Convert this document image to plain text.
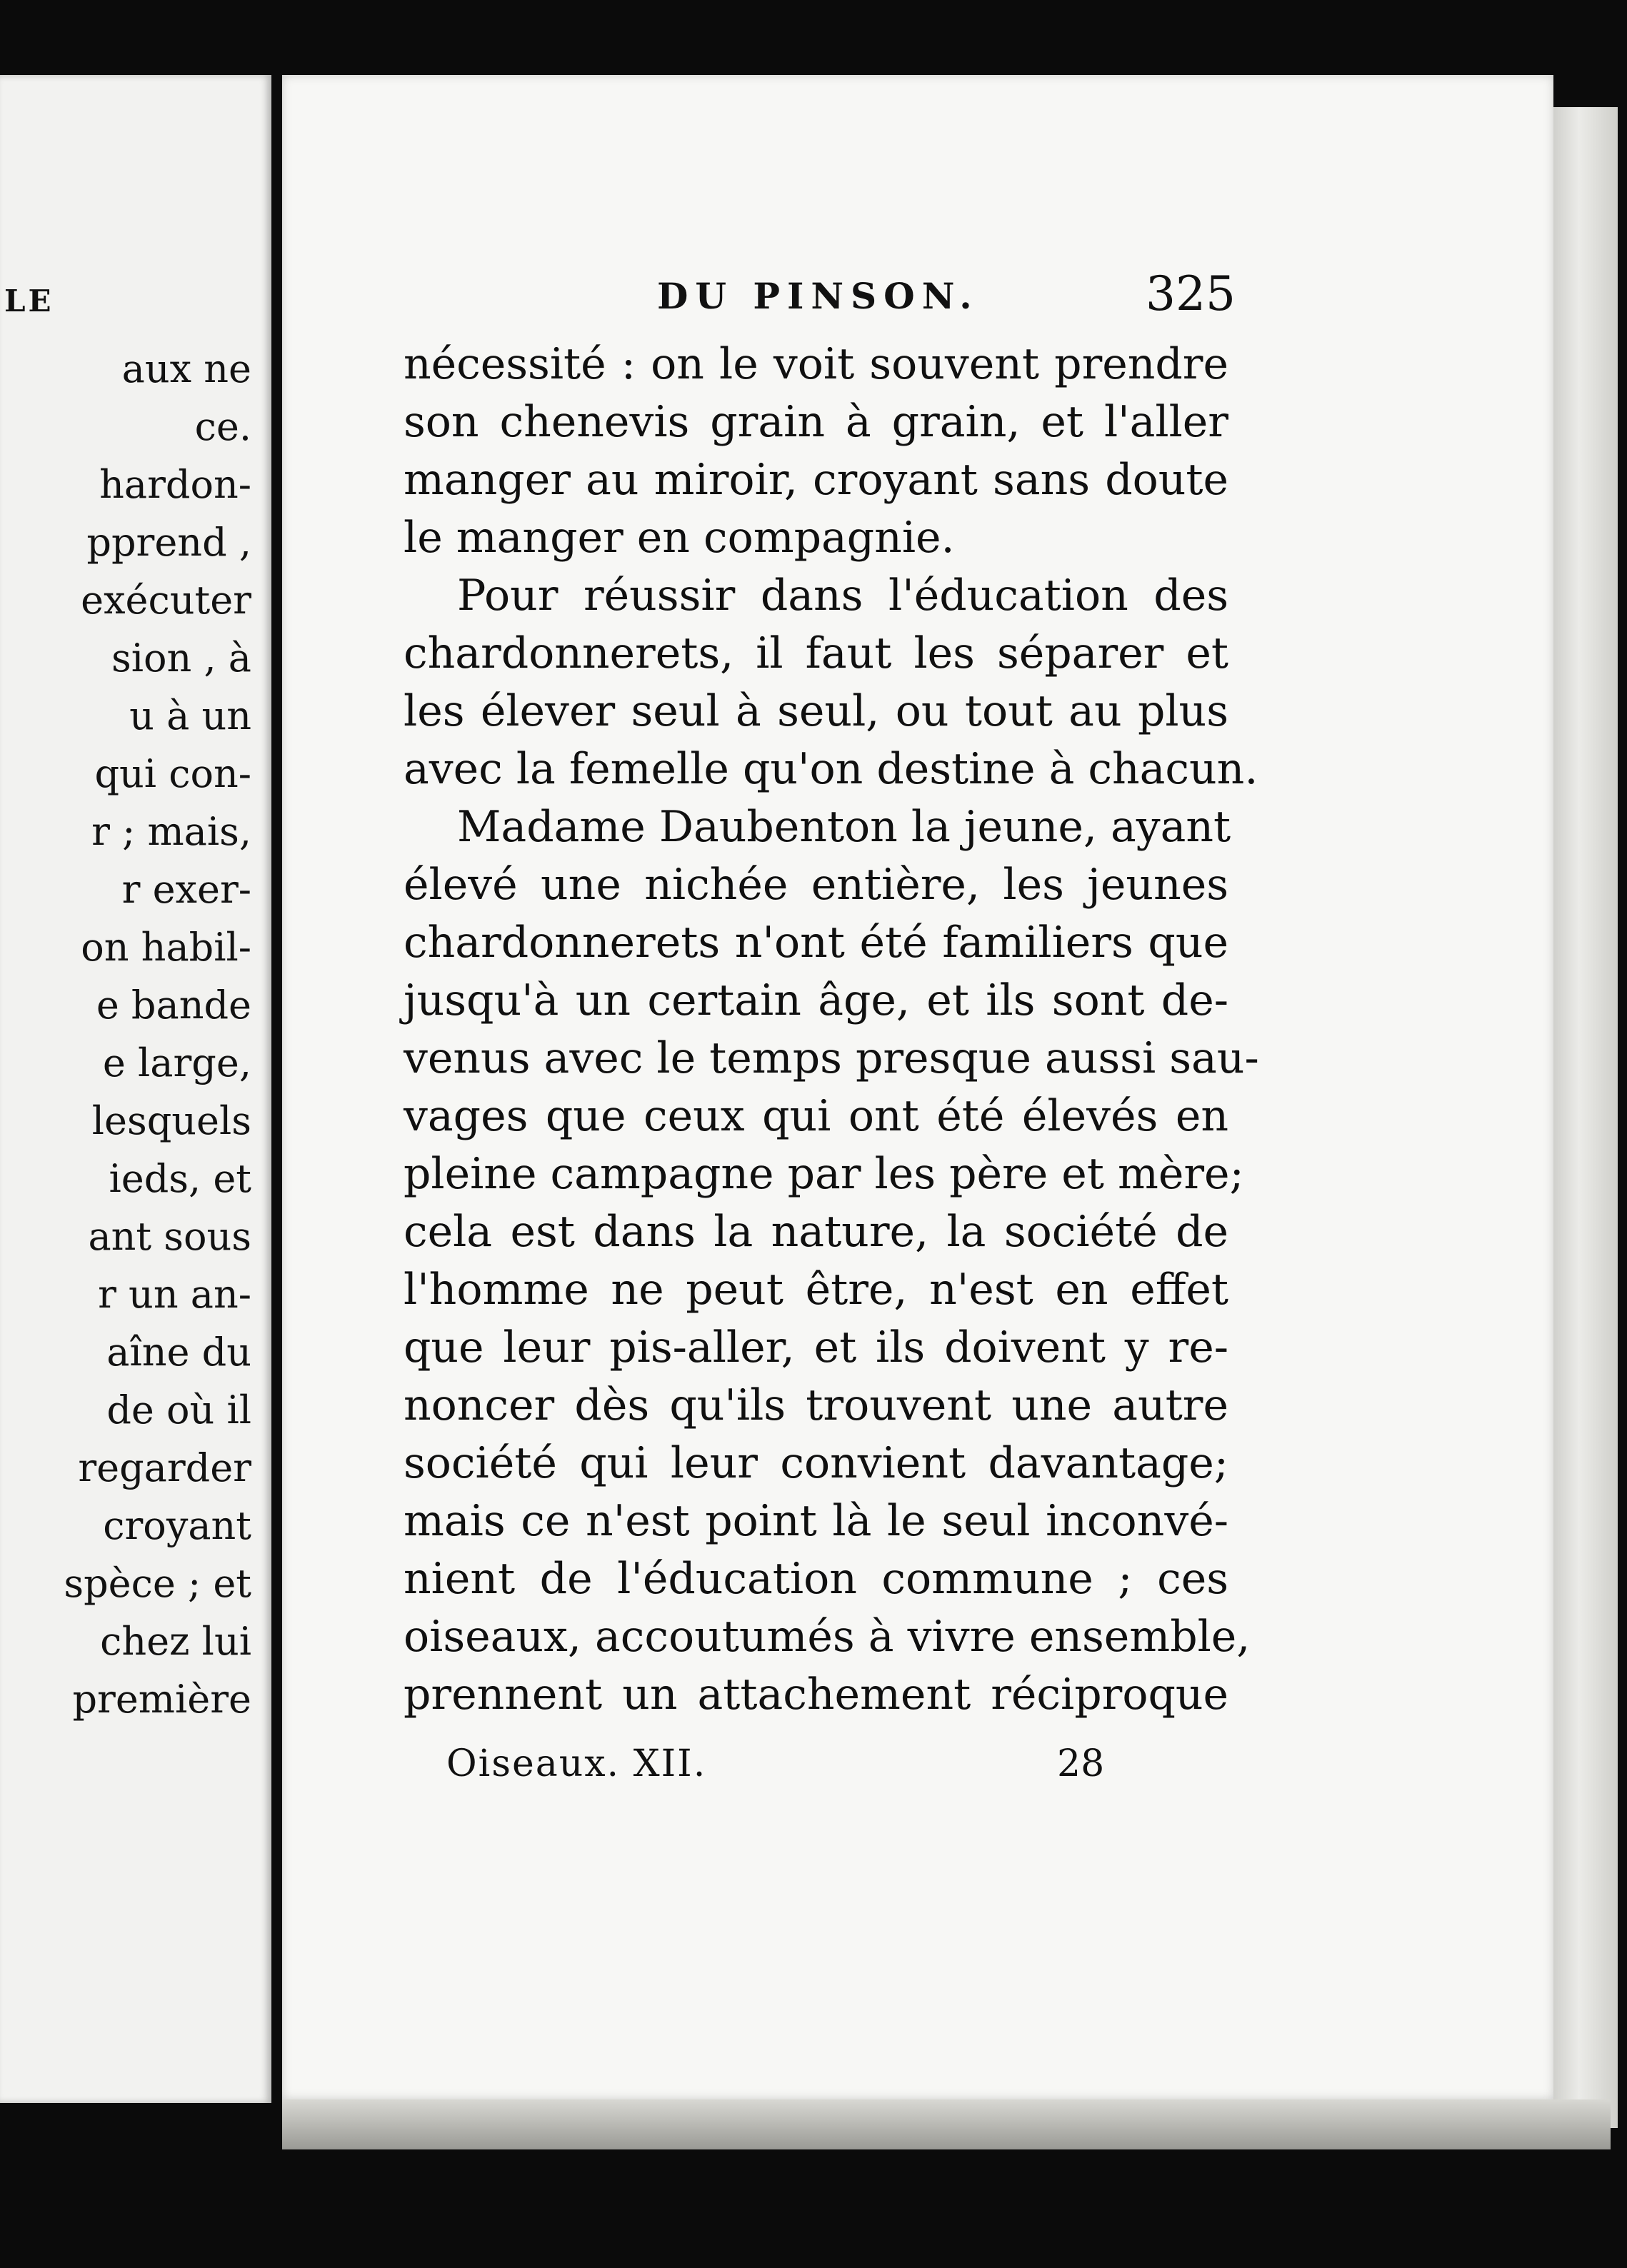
LE
aux ne
ce.
hardon-
pprend ,
exécuter
sion , à
u à un
qui con-
r ; mais,
r exer-
on habil-
e bande
e large,
lesquels
ieds, et
ant sous
r un an-
aîne du
de où il
regarder
croyant
spèce ; et
chez lui
première
DU PINSON.	325
nécessité : on le voit souvent prendre
son chenevis grain à grain, et l'aller
manger au miroir, croyant sans doute
le manger en compagnie.
Pour réussir dans l'éducation des
chardonnerets, il faut les séparer et
les élever seul à seul, ou tout au plus
avec la femelle qu'on destine à chacun.
Madame Daubenton la jeune, ayant
élevé une nichée entière, les jeunes
chardonnerets n'ont été familiers que
jusqu'à un certain âge, et ils sont de-
venus avec le temps presque aussi sau-
vages que ceux qui ont été élevés en
pleine campagne par les père et mère;
cela est dans la nature, la société de
l'homme ne peut être, n'est en effet
que leur pis-aller, et ils doivent y re-
noncer dès qu'ils trouvent une autre
société qui leur convient davantage;
mais ce n'est point là le seul inconvé-
nient de l'éducation commune ; ces
oiseaux, accoutumés à vivre ensemble,
prennent un attachement réciproque
Oiseaux. XII.	28
